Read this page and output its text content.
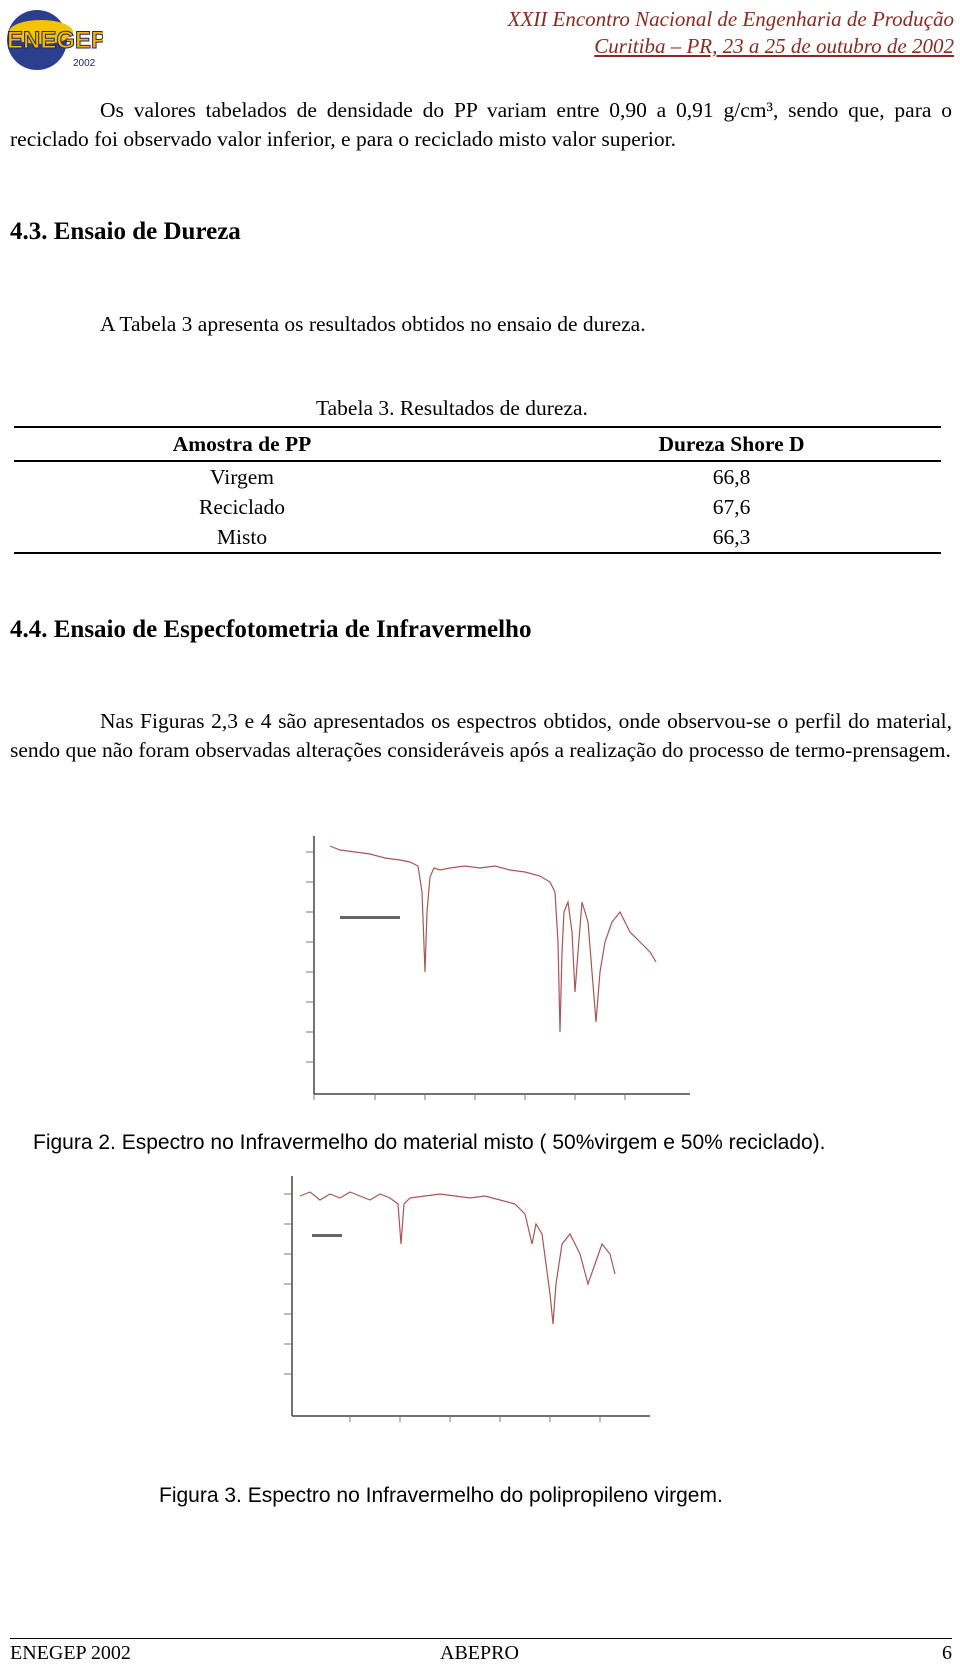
ENEGEP
2002
XXII Encontro Nacional de Engenharia de Produção
Curitiba – PR, 23 a 25 de outubro de 2002

Os valores tabelados de densidade do PP variam entre 0,90 a 0,91 g/cm³, sendo que, para o reciclado foi observado valor inferior, e para o reciclado misto valor superior.

4.3. Ensaio de Dureza

A Tabela 3 apresenta os resultados obtidos no ensaio de dureza.

Tabela 3. Resultados de dureza.
Amostra de PP	Dureza Shore D
Virgem	66,8
Reciclado	67,6
Misto	66,3
4.4. Ensaio de Especfotometria de Infravermelho

Nas Figuras 2,3 e 4 são apresentados os espectros obtidos, onde observou-se o perfil do material, sendo que não foram observadas alterações consideráveis após a realização do processo de termo-prensagem.

Figura 2. Espectro no Infravermelho do material misto ( 50%virgem e 50% reciclado).
Figura 3. Espectro no Infravermelho do polipropileno virgem.
ENEGEP 2002	ABEPRO	6
